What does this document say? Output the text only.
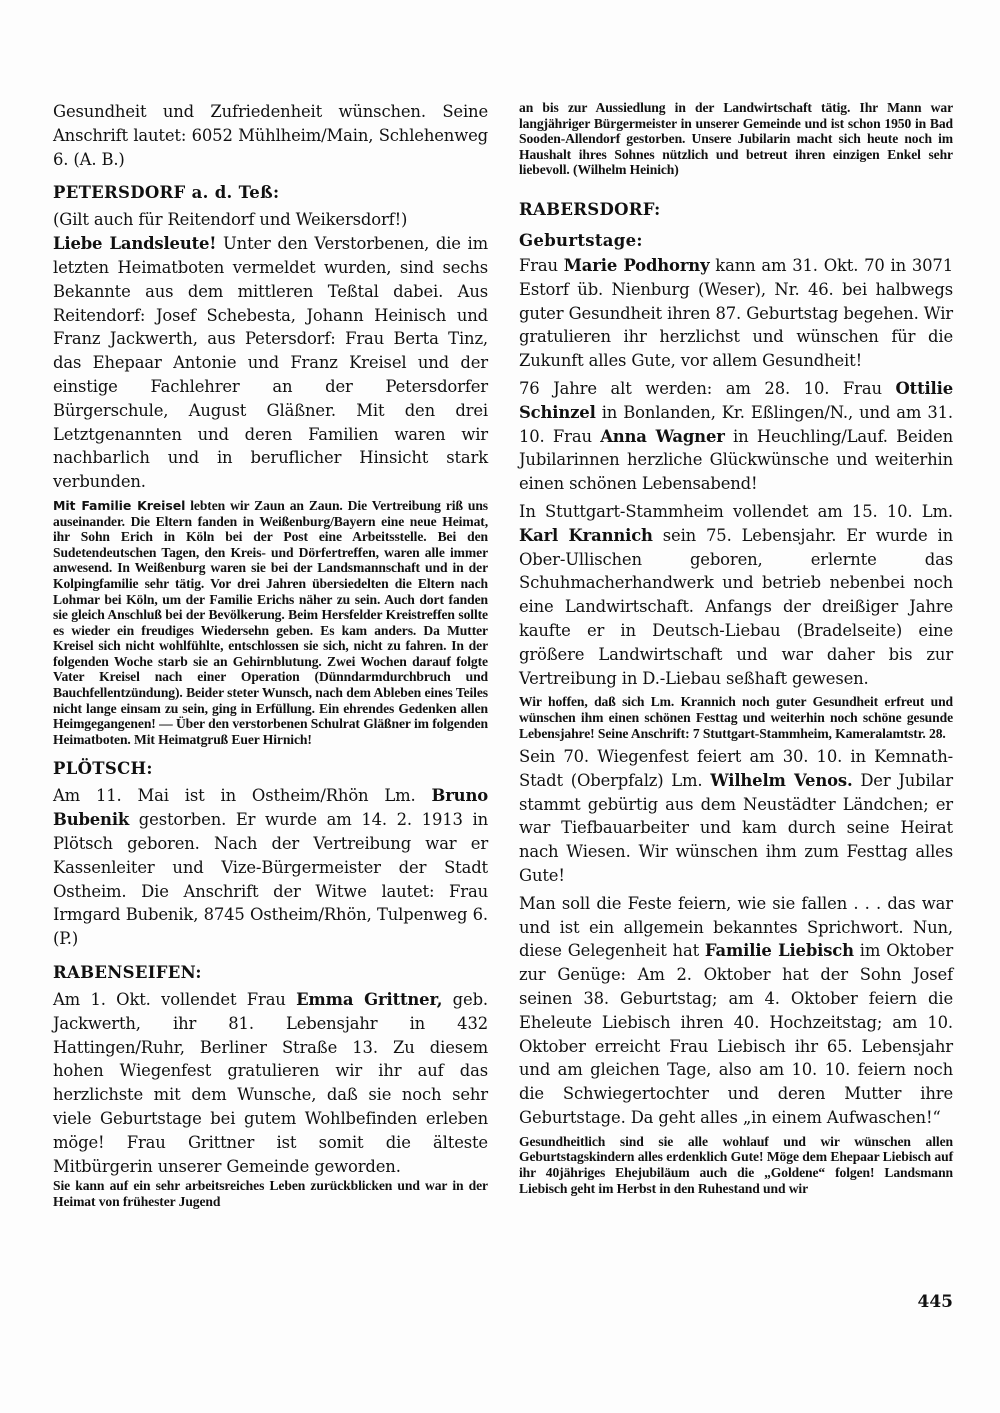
Gesundheit und Zufriedenheit wünschen. Seine Anschrift lautet: 6052 Mühlheim/Main, Schlehenweg 6. (A. B.)

PETERSDORF a. d. Teß:

(Gilt auch für Reitendorf und Weikersdorf!)

Liebe Landsleute! Unter den Verstorbenen, die im letzten Heimatboten vermeldet wurden, sind sechs Bekannte aus dem mittleren Teßtal dabei. Aus Reitendorf: Josef Schebesta, Johann Heinisch und Franz Jackwerth, aus Petersdorf: Frau Berta Tinz, das Ehepaar Antonie und Franz Kreisel und der einstige Fachlehrer an der Petersdorfer Bürgerschule, August Gläßner. Mit den drei Letztgenannten und deren Familien waren wir nachbarlich und in beruflicher Hinsicht stark verbunden.

Mit Familie Kreisel lebten wir Zaun an Zaun. Die Vertreibung riß uns auseinander. Die Eltern fanden in Weißenburg/Bayern eine neue Heimat, ihr Sohn Erich in Köln bei der Post eine Arbeitsstelle. Bei den Sudetendeutschen Tagen, den Kreis- und Dörfertreffen, waren alle immer anwesend. In Weißenburg waren sie bei der Landsmannschaft und in der Kolpingfamilie sehr tätig. Vor drei Jahren übersiedelten die Eltern nach Lohmar bei Köln, um der Familie Erichs näher zu sein. Auch dort fanden sie gleich Anschluß bei der Bevölkerung. Beim Hersfelder Kreistreffen sollte es wieder ein freudiges Wiedersehn geben. Es kam anders. Da Mutter Kreisel sich nicht wohlfühlte, entschlossen sie sich, nicht zu fahren. In der folgenden Woche starb sie an Gehirnblutung. Zwei Wochen darauf folgte Vater Kreisel nach einer Operation (Dünndarmdurchbruch und Bauchfellentzündung). Beider steter Wunsch, nach dem Ableben eines Teiles nicht lange einsam zu sein, ging in Erfüllung. Ein ehrendes Gedenken allen Heimgegangenen! — Über den verstorbenen Schulrat Gläßner im folgenden Heimatboten. Mit Heimatgruß Euer Hirnich!

PLÖTSCH:

Am 11. Mai ist in Ostheim/Rhön Lm. Bruno Bubenik gestorben. Er wurde am 14. 2. 1913 in Plötsch geboren. Nach der Vertreibung war er Kassenleiter und Vize-Bürgermeister der Stadt Ostheim. Die Anschrift der Witwe lautet: Frau Irmgard Bubenik, 8745 Ostheim/Rhön, Tulpenweg 6. (P.)

RABENSEIFEN:

Am 1. Okt. vollendet Frau Emma Grittner, geb. Jackwerth, ihr 81. Lebensjahr in 432 Hattingen/Ruhr, Berliner Straße 13. Zu diesem hohen Wiegenfest gratulieren wir ihr auf das herzlichste mit dem Wunsche, daß sie noch sehr viele Geburtstage bei gutem Wohlbefinden erleben möge! Frau Grittner ist somit die älteste Mitbürgerin unserer Gemeinde geworden.

Sie kann auf ein sehr arbeitsreiches Leben zurückblicken und war in der Heimat von frühester Jugend

an bis zur Aussiedlung in der Landwirtschaft tätig. Ihr Mann war langjähriger Bürgermeister in unserer Gemeinde und ist schon 1950 in Bad Sooden-Allendorf gestorben. Unsere Jubilarin macht sich heute noch im Haushalt ihres Sohnes nützlich und betreut ihren einzigen Enkel sehr liebevoll. (Wilhelm Heinich)

RABERSDORF:
Geburtstage:

Frau Marie Podhorny kann am 31. Okt. 70 in 3071 Estorf üb. Nienburg (Weser), Nr. 46. bei halbwegs guter Gesundheit ihren 87. Geburtstag begehen. Wir gratulieren ihr herzlichst und wünschen für die Zukunft alles Gute, vor allem Gesundheit!

76 Jahre alt werden: am 28. 10. Frau Ottilie Schinzel in Bonlanden, Kr. Eßlingen/N., und am 31. 10. Frau Anna Wagner in Heuchling/Lauf. Beiden Jubilarinnen herzliche Glückwünsche und weiterhin einen schönen Lebensabend!

In Stuttgart-Stammheim vollendet am 15. 10. Lm. Karl Krannich sein 75. Lebensjahr. Er wurde in Ober-Ullischen geboren, erlernte das Schuhmacherhandwerk und betrieb nebenbei noch eine Landwirtschaft. Anfangs der dreißiger Jahre kaufte er in Deutsch-Liebau (Bradelseite) eine größere Landwirtschaft und war daher bis zur Vertreibung in D.-Liebau seßhaft gewesen.

Wir hoffen, daß sich Lm. Krannich noch guter Gesundheit erfreut und wünschen ihm einen schönen Festtag und weiterhin noch schöne gesunde Lebensjahre! Seine Anschrift: 7 Stuttgart-Stammheim, Kameralamtstr. 28.

Sein 70. Wiegenfest feiert am 30. 10. in Kemnath-Stadt (Oberpfalz) Lm. Wilhelm Venos. Der Jubilar stammt gebürtig aus dem Neustädter Ländchen; er war Tiefbauarbeiter und kam durch seine Heirat nach Wiesen. Wir wünschen ihm zum Festtag alles Gute!

Man soll die Feste feiern, wie sie fallen . . . das war und ist ein allgemein bekanntes Sprichwort. Nun, diese Gelegenheit hat Familie Liebisch im Oktober zur Genüge: Am 2. Oktober hat der Sohn Josef seinen 38. Geburtstag; am 4. Oktober feiern die Eheleute Liebisch ihren 40. Hochzeitstag; am 10. Oktober erreicht Frau Liebisch ihr 65. Lebensjahr und am gleichen Tage, also am 10. 10. feiern noch die Schwiegertochter und deren Mutter ihre Geburtstage. Da geht alles „in einem Aufwaschen!“

Gesundheitlich sind sie alle wohlauf und wir wünschen allen Geburtstagskindern alles erdenklich Gute! Möge dem Ehepaar Liebisch auf ihr 40jähriges Ehejubiläum auch die „Goldene“ folgen! Landsmann Liebisch geht im Herbst in den Ruhestand und wir

445
